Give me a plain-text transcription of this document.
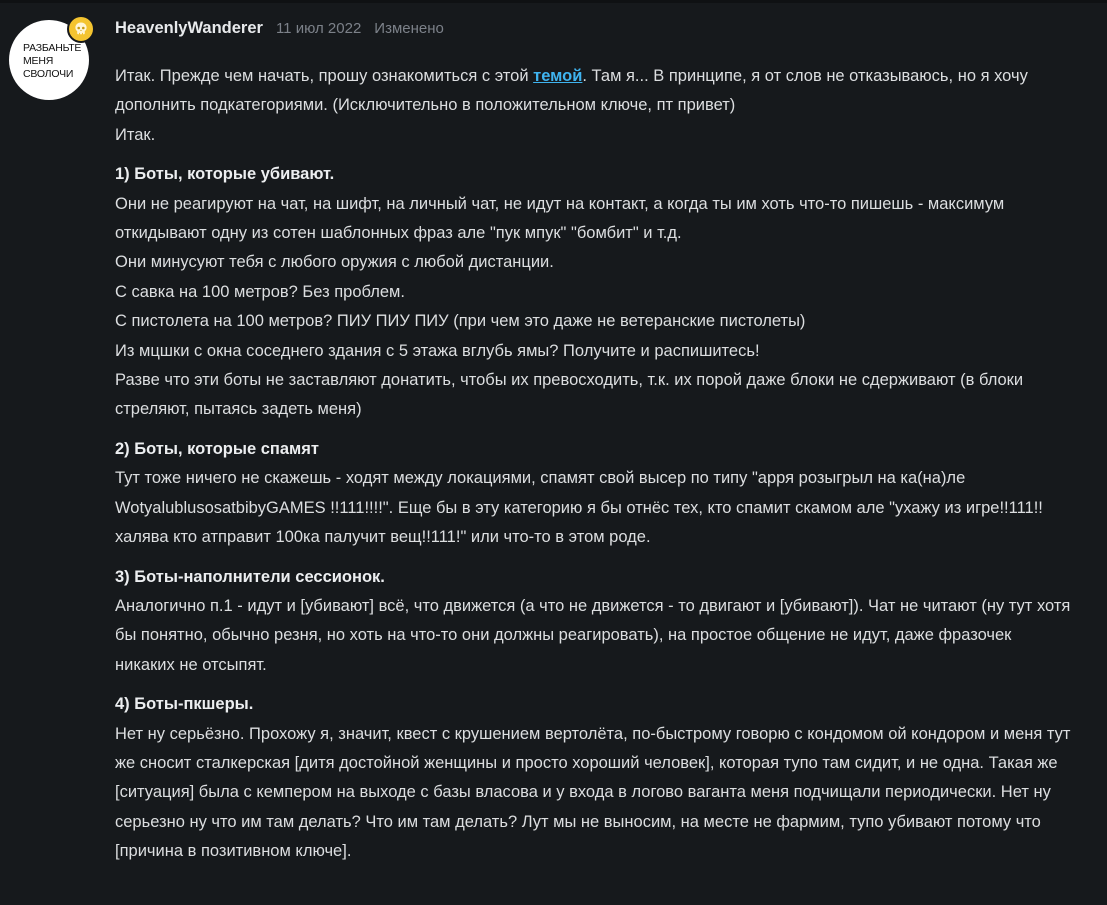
РАЗБАНЬТЕ
МЕНЯ
СВОЛОЧИ
HeavenlyWanderer 11 июл 2022 Изменено

Итак. Прежде чем начать, прошу ознакомиться с этой темой. Там я... В принципе, я от слов не отказываюсь, но я хочу дополнить подкатегориями. (Исключительно в положительном ключе, пт привет)

Итак.

1) Боты, которые убивают.

Они не реагируют на чат, на шифт, на личный чат, не идут на контакт, а когда ты им хоть что-то пишешь - максимум откидывают одну из сотен шаблонных фраз але "пук мпук" "бомбит" и т.д.

Они минусуют тебя с любого оружия с любой дистанции.

С савка на 100 метров? Без проблем.

С пистолета на 100 метров? ПИУ ПИУ ПИУ (при чем это даже не ветеранские пистолеты)

Из мцшки с окна соседнего здания с 5 этажа вглубь ямы? Получите и распишитесь!

Разве что эти боты не заставляют донатить, чтобы их превосходить, т.к. их порой даже блоки не сдерживают (в блоки стреляют, пытаясь задеть меня)

2) Боты, которые спамят

Тут тоже ничего не скажешь - ходят между локациями, спамят свой высер по типу "арря розыгрыл на ка(на)ле WotyalublusosatbibyGAMES !!111!!!!". Еще бы в эту категорию я бы отнёс тех, кто спамит скамом але "ухажу из игре!!111!! халява кто атправит 100ка палучит вещ!!111!" или что-то в этом роде.

3) Боты-наполнители сессионок.

Аналогично п.1 - идут и [убивают] всё, что движется (а что не движется - то двигают и [убивают]). Чат не читают (ну тут хотя бы понятно, обычно резня, но хоть на что-то они должны реагировать), на простое общение не идут, даже фразочек никаких не отсыпят.

4) Боты-пкшеры.

Нет ну серьёзно. Прохожу я, значит, квест с крушением вертолёта, по-быстрому говорю с кондомом ой кондором и меня тут же сносит сталкерская [дитя достойной женщины и просто хороший человек], которая тупо там сидит, и не одна. Такая же [ситуация] была с кемпером на выходе с базы власова и у входа в логово ваганта меня подчищали периодически. Нет ну серьезно ну что им там делать? Что им там делать? Лут мы не выносим, на месте не фармим, тупо убивают потому что [причина в позитивном ключе].
